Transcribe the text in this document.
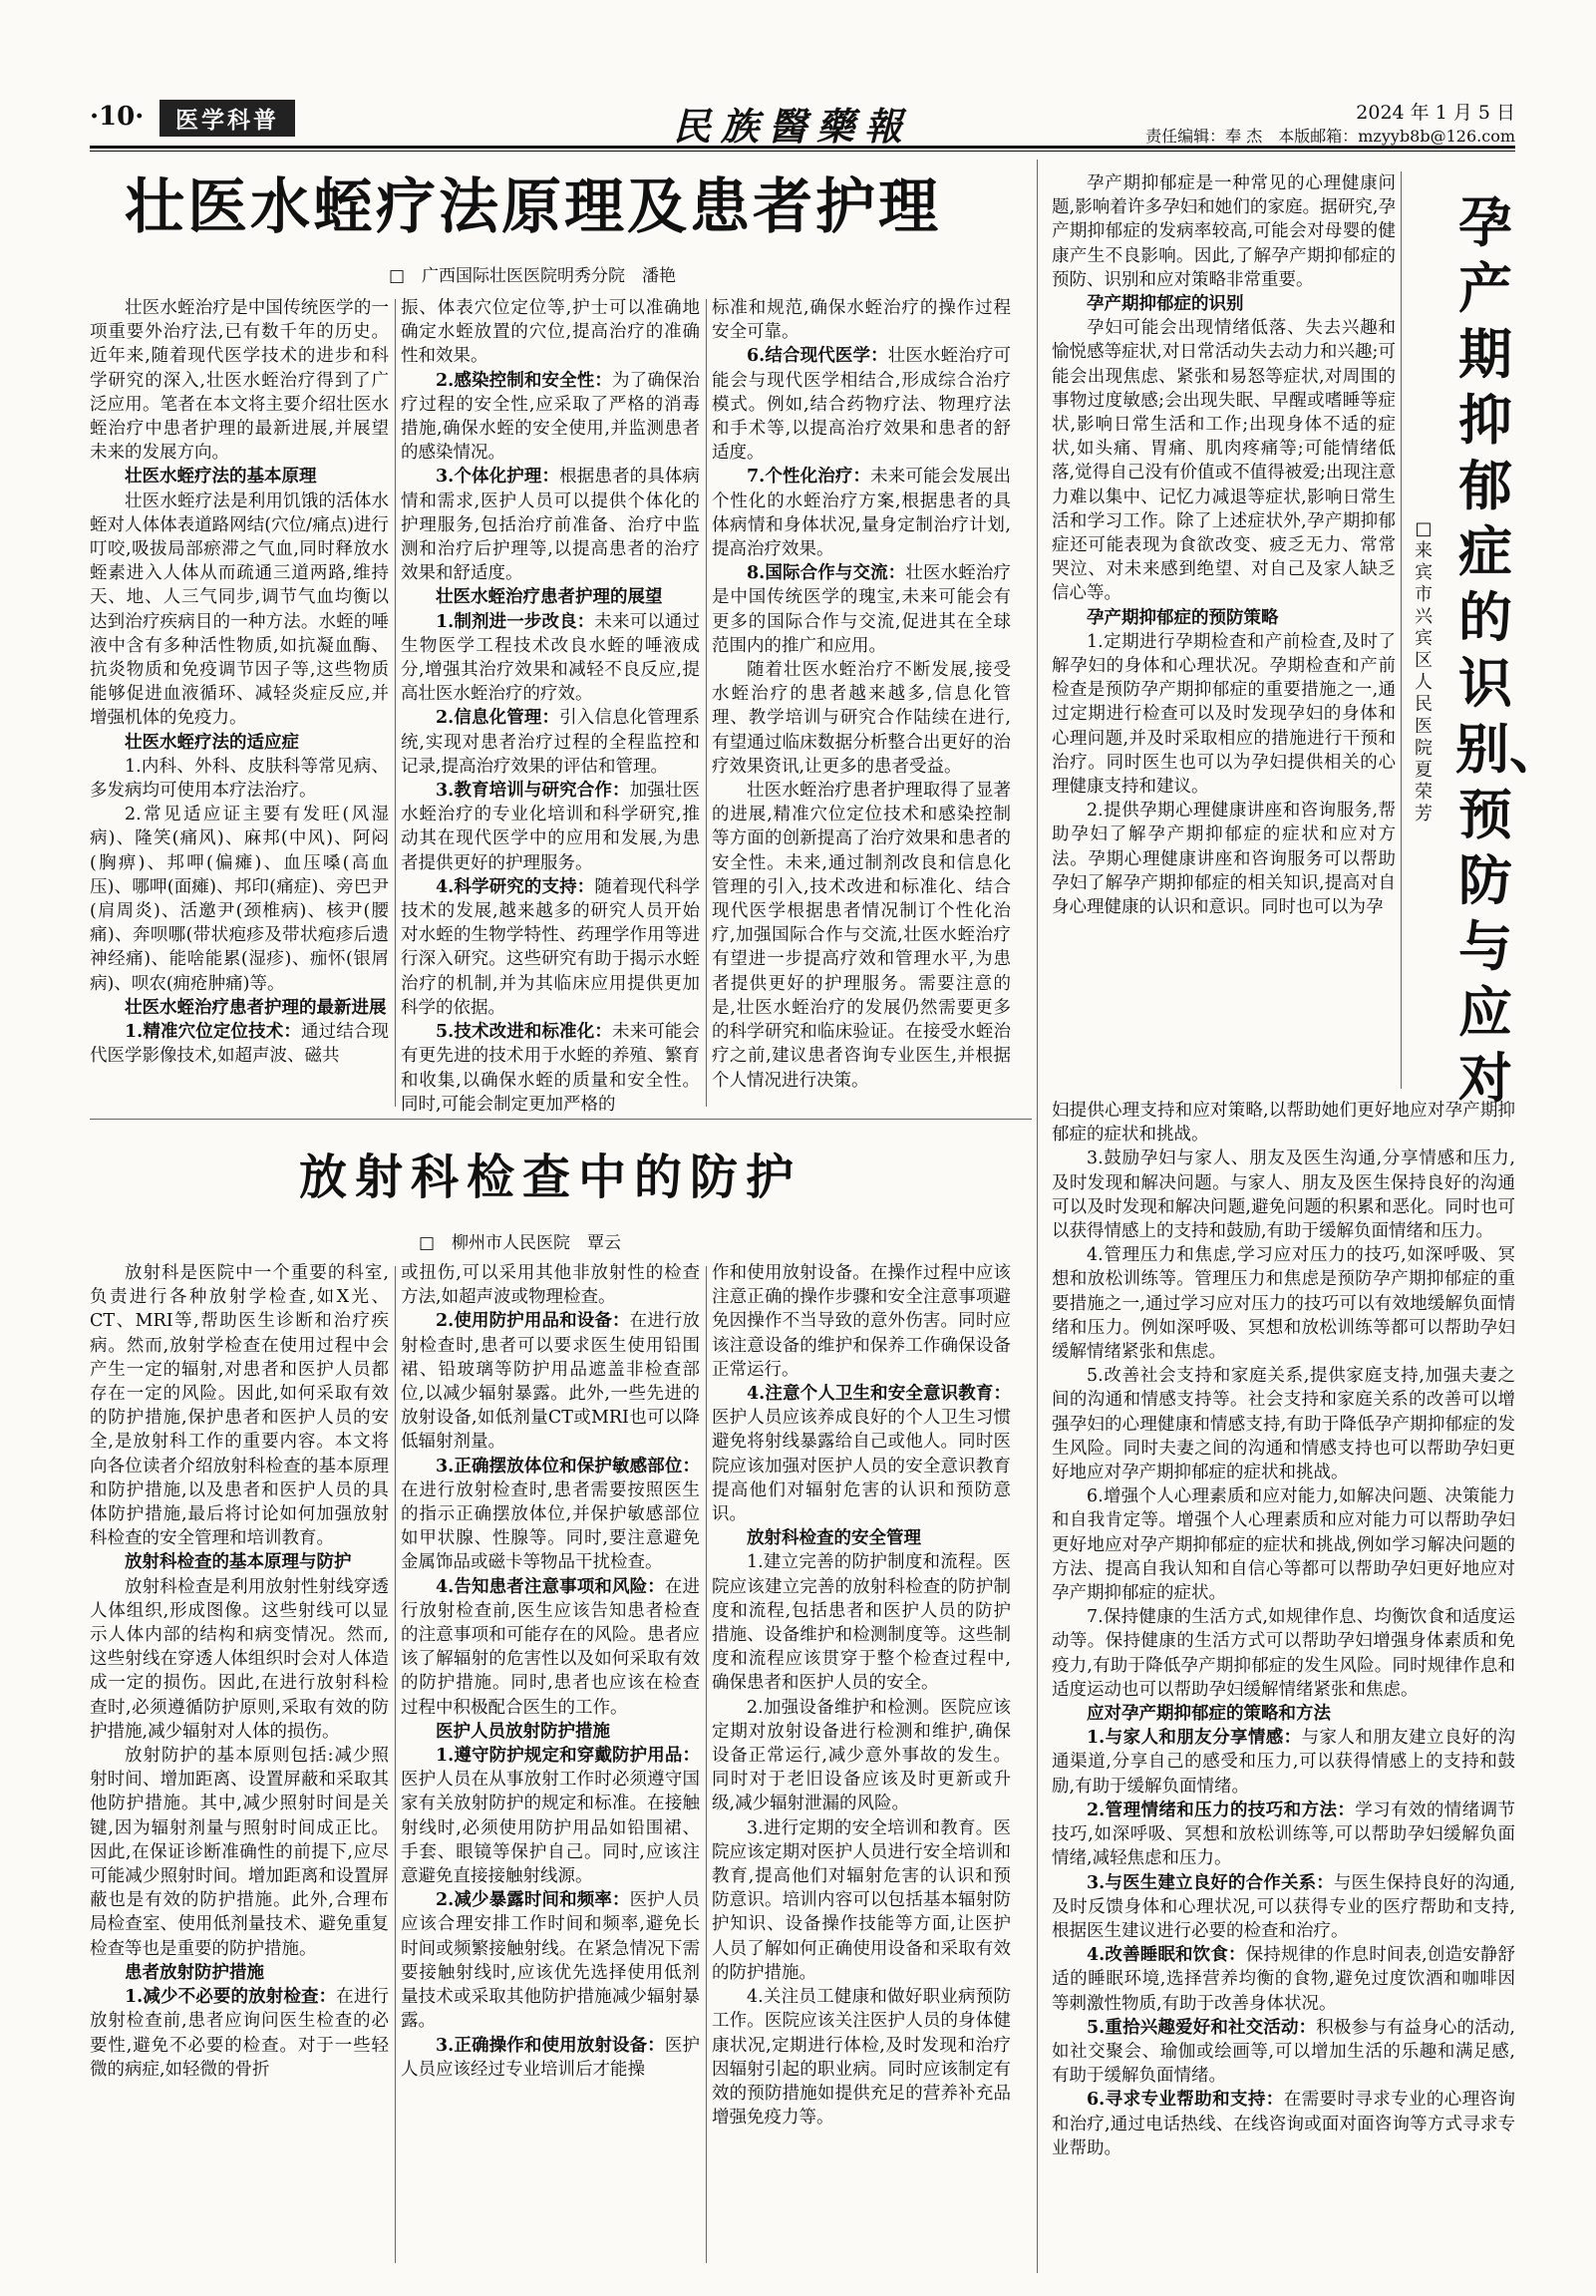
·10·	医学科普	民族醫藥報	2024 年 1 月 5 日
责任编辑：奉 杰　本版邮箱：mzyyb8b@126.com
壮医水蛭疗法原理及患者护理
□　广西国际壮医医院明秀分院　潘艳

壮医水蛭治疗是中国传统医学的一项重要外治疗法,已有数千年的历史。近年来,随着现代医学技术的进步和科学研究的深入,壮医水蛭治疗得到了广泛应用。笔者在本文将主要介绍壮医水蛭治疗中患者护理的最新进展,并展望未来的发展方向。

壮医水蛭疗法的基本原理

壮医水蛭疗法是利用饥饿的活体水蛭对人体体表道路网结(穴位/痛点)进行叮咬,吸拔局部瘀滞之气血,同时释放水蛭素进入人体从而疏通三道两路,维持天、地、人三气同步,调节气血均衡以达到治疗疾病目的一种方法。水蛭的唾液中含有多种活性物质,如抗凝血酶、抗炎物质和免疫调节因子等,这些物质能够促进血液循环、减轻炎症反应,并增强机体的免疫力。

壮医水蛭疗法的适应症

1.内科、外科、皮肤科等常见病、多发病均可使用本疗法治疗。

2.常见适应证主要有发旺(风湿病)、隆笑(痛风)、麻邦(中风)、阿闷(胸痹)、邦呷(偏瘫)、血压嗓(高血压)、哪呷(面瘫)、邦印(痛症)、旁巴尹(肩周炎)、活邀尹(颈椎病)、核尹(腰痛)、奔呗哪(带状疱疹及带状疱疹后遗神经痛)、能啥能累(湿疹)、痂怀(银屑病)、呗农(痈疮肿痛)等。

壮医水蛭治疗患者护理的最新进展

1.精准穴位定位技术：通过结合现代医学影像技术,如超声波、磁共

振、体表穴位定位等,护士可以准确地确定水蛭放置的穴位,提高治疗的准确性和效果。

2.感染控制和安全性：为了确保治疗过程的安全性,应采取了严格的消毒措施,确保水蛭的安全使用,并监测患者的感染情况。

3.个体化护理：根据患者的具体病情和需求,医护人员可以提供个体化的护理服务,包括治疗前准备、治疗中监测和治疗后护理等,以提高患者的治疗效果和舒适度。

壮医水蛭治疗患者护理的展望

1.制剂进一步改良：未来可以通过生物医学工程技术改良水蛭的唾液成分,增强其治疗效果和减轻不良反应,提高壮医水蛭治疗的疗效。

2.信息化管理：引入信息化管理系统,实现对患者治疗过程的全程监控和记录,提高治疗效果的评估和管理。

3.教育培训与研究合作：加强壮医水蛭治疗的专业化培训和科学研究,推动其在现代医学中的应用和发展,为患者提供更好的护理服务。

4.科学研究的支持：随着现代科学技术的发展,越来越多的研究人员开始对水蛭的生物学特性、药理学作用等进行深入研究。这些研究有助于揭示水蛭治疗的机制,并为其临床应用提供更加科学的依据。

5.技术改进和标准化：未来可能会有更先进的技术用于水蛭的养殖、繁育和收集,以确保水蛭的质量和安全性。同时,可能会制定更加严格的

标准和规范,确保水蛭治疗的操作过程安全可靠。

6.结合现代医学：壮医水蛭治疗可能会与现代医学相结合,形成综合治疗模式。例如,结合药物疗法、物理疗法和手术等,以提高治疗效果和患者的舒适度。

7.个性化治疗：未来可能会发展出个性化的水蛭治疗方案,根据患者的具体病情和身体状况,量身定制治疗计划,提高治疗效果。

8.国际合作与交流：壮医水蛭治疗是中国传统医学的瑰宝,未来可能会有更多的国际合作与交流,促进其在全球范围内的推广和应用。

随着壮医水蛭治疗不断发展,接受水蛭治疗的患者越来越多,信息化管理、教学培训与研究合作陆续在进行,有望通过临床数据分析整合出更好的治疗效果资讯,让更多的患者受益。

壮医水蛭治疗患者护理取得了显著的进展,精准穴位定位技术和感染控制等方面的创新提高了治疗效果和患者的安全性。未来,通过制剂改良和信息化管理的引入,技术改进和标准化、结合现代医学根据患者情况制订个性化治疗,加强国际合作与交流,壮医水蛭治疗有望进一步提高疗效和管理水平,为患者提供更好的护理服务。需要注意的是,壮医水蛭治疗的发展仍然需要更多的科学研究和临床验证。在接受水蛭治疗之前,建议患者咨询专业医生,并根据个人情况进行决策。

放射科检查中的防护
□　柳州市人民医院　覃云

放射科是医院中一个重要的科室,负责进行各种放射学检查,如X光、CT、MRI等,帮助医生诊断和治疗疾病。然而,放射学检查在使用过程中会产生一定的辐射,对患者和医护人员都存在一定的风险。因此,如何采取有效的防护措施,保护患者和医护人员的安全,是放射科工作的重要内容。本文将向各位读者介绍放射科检查的基本原理和防护措施,以及患者和医护人员的具体防护措施,最后将讨论如何加强放射科检查的安全管理和培训教育。

放射科检查的基本原理与防护

放射科检查是利用放射性射线穿透人体组织,形成图像。这些射线可以显示人体内部的结构和病变情况。然而,这些射线在穿透人体组织时会对人体造成一定的损伤。因此,在进行放射科检查时,必须遵循防护原则,采取有效的防护措施,减少辐射对人体的损伤。

放射防护的基本原则包括:减少照射时间、增加距离、设置屏蔽和采取其他防护措施。其中,减少照射时间是关键,因为辐射剂量与照射时间成正比。因此,在保证诊断准确性的前提下,应尽可能减少照射时间。增加距离和设置屏蔽也是有效的防护措施。此外,合理布局检查室、使用低剂量技术、避免重复检查等也是重要的防护措施。

患者放射防护措施

1.减少不必要的放射检查：在进行放射检查前,患者应询问医生检查的必要性,避免不必要的检查。对于一些轻微的病症,如轻微的骨折

或扭伤,可以采用其他非放射性的检查方法,如超声波或物理检查。

2.使用防护用品和设备：在进行放射检查时,患者可以要求医生使用铅围裙、铅玻璃等防护用品遮盖非检查部位,以减少辐射暴露。此外,一些先进的放射设备,如低剂量CT或MRI也可以降低辐射剂量。

3.正确摆放体位和保护敏感部位：在进行放射检查时,患者需要按照医生的指示正确摆放体位,并保护敏感部位如甲状腺、性腺等。同时,要注意避免金属饰品或磁卡等物品干扰检查。

4.告知患者注意事项和风险：在进行放射检查前,医生应该告知患者检查的注意事项和可能存在的风险。患者应该了解辐射的危害性以及如何采取有效的防护措施。同时,患者也应该在检查过程中积极配合医生的工作。

医护人员放射防护措施

1.遵守防护规定和穿戴防护用品：医护人员在从事放射工作时必须遵守国家有关放射防护的规定和标准。在接触射线时,必须使用防护用品如铅围裙、手套、眼镜等保护自己。同时,应该注意避免直接接触射线源。

2.减少暴露时间和频率：医护人员应该合理安排工作时间和频率,避免长时间或频繁接触射线。在紧急情况下需要接触射线时,应该优先选择使用低剂量技术或采取其他防护措施减少辐射暴露。

3.正确操作和使用放射设备：医护人员应该经过专业培训后才能操

作和使用放射设备。在操作过程中应该注意正确的操作步骤和安全注意事项避免因操作不当导致的意外伤害。同时应该注意设备的维护和保养工作确保设备正常运行。

4.注意个人卫生和安全意识教育：医护人员应该养成良好的个人卫生习惯避免将射线暴露给自己或他人。同时医院应该加强对医护人员的安全意识教育提高他们对辐射危害的认识和预防意识。

放射科检查的安全管理

1.建立完善的防护制度和流程。医院应该建立完善的放射科检查的防护制度和流程,包括患者和医护人员的防护措施、设备维护和检测制度等。这些制度和流程应该贯穿于整个检查过程中,确保患者和医护人员的安全。

2.加强设备维护和检测。医院应该定期对放射设备进行检测和维护,确保设备正常运行,减少意外事故的发生。同时对于老旧设备应该及时更新或升级,减少辐射泄漏的风险。

3.进行定期的安全培训和教育。医院应该定期对医护人员进行安全培训和教育,提高他们对辐射危害的认识和预防意识。培训内容可以包括基本辐射防护知识、设备操作技能等方面,让医护人员了解如何正确使用设备和采取有效的防护措施。

4.关注员工健康和做好职业病预防工作。医院应该关注医护人员的身体健康状况,定期进行体检,及时发现和治疗因辐射引起的职业病。同时应该制定有效的预防措施如提供充足的营养补充品增强免疫力等。

孕产期抑郁症是一种常见的心理健康问题,影响着许多孕妇和她们的家庭。据研究,孕产期抑郁症的发病率较高,可能会对母婴的健康产生不良影响。因此,了解孕产期抑郁症的预防、识别和应对策略非常重要。

孕产期抑郁症的识别

孕妇可能会出现情绪低落、失去兴趣和愉悦感等症状,对日常活动失去动力和兴趣;可能会出现焦虑、紧张和易怒等症状,对周围的事物过度敏感;会出现失眠、早醒或嗜睡等症状,影响日常生活和工作;出现身体不适的症状,如头痛、胃痛、肌肉疼痛等;可能情绪低落,觉得自己没有价值或不值得被爱;出现注意力难以集中、记忆力减退等症状,影响日常生活和学习工作。除了上述症状外,孕产期抑郁症还可能表现为食欲改变、疲乏无力、常常哭泣、对未来感到绝望、对自己及家人缺乏信心等。

孕产期抑郁症的预防策略

1.定期进行孕期检查和产前检查,及时了解孕妇的身体和心理状况。孕期检查和产前检查是预防孕产期抑郁症的重要措施之一,通过定期进行检查可以及时发现孕妇的身体和心理问题,并及时采取相应的措施进行干预和治疗。同时医生也可以为孕妇提供相关的心理健康支持和建议。

2.提供孕期心理健康讲座和咨询服务,帮助孕妇了解孕产期抑郁症的症状和应对方法。孕期心理健康讲座和咨询服务可以帮助孕妇了解孕产期抑郁症的相关知识,提高对自身心理健康的认识和意识。同时也可以为孕

孕产期抑郁症的识别、预防与应对
□ 来宾市兴宾区人民医院 夏荣芳

妇提供心理支持和应对策略,以帮助她们更好地应对孕产期抑郁症的症状和挑战。

3.鼓励孕妇与家人、朋友及医生沟通,分享情感和压力,及时发现和解决问题。与家人、朋友及医生保持良好的沟通可以及时发现和解决问题,避免问题的积累和恶化。同时也可以获得情感上的支持和鼓励,有助于缓解负面情绪和压力。

4.管理压力和焦虑,学习应对压力的技巧,如深呼吸、冥想和放松训练等。管理压力和焦虑是预防孕产期抑郁症的重要措施之一,通过学习应对压力的技巧可以有效地缓解负面情绪和压力。例如深呼吸、冥想和放松训练等都可以帮助孕妇缓解情绪紧张和焦虑。

5.改善社会支持和家庭关系,提供家庭支持,加强夫妻之间的沟通和情感支持等。社会支持和家庭关系的改善可以增强孕妇的心理健康和情感支持,有助于降低孕产期抑郁症的发生风险。同时夫妻之间的沟通和情感支持也可以帮助孕妇更好地应对孕产期抑郁症的症状和挑战。

6.增强个人心理素质和应对能力,如解决问题、决策能力和自我肯定等。增强个人心理素质和应对能力可以帮助孕妇更好地应对孕产期抑郁症的症状和挑战,例如学习解决问题的方法、提高自我认知和自信心等都可以帮助孕妇更好地应对孕产期抑郁症的症状。

7.保持健康的生活方式,如规律作息、均衡饮食和适度运动等。保持健康的生活方式可以帮助孕妇增强身体素质和免疫力,有助于降低孕产期抑郁症的发生风险。同时规律作息和适度运动也可以帮助孕妇缓解情绪紧张和焦虑。

应对孕产期抑郁症的策略和方法

1.与家人和朋友分享情感：与家人和朋友建立良好的沟通渠道,分享自己的感受和压力,可以获得情感上的支持和鼓励,有助于缓解负面情绪。

2.管理情绪和压力的技巧和方法：学习有效的情绪调节技巧,如深呼吸、冥想和放松训练等,可以帮助孕妇缓解负面情绪,减轻焦虑和压力。

3.与医生建立良好的合作关系：与医生保持良好的沟通,及时反馈身体和心理状况,可以获得专业的医疗帮助和支持,根据医生建议进行必要的检查和治疗。

4.改善睡眠和饮食：保持规律的作息时间表,创造安静舒适的睡眠环境,选择营养均衡的食物,避免过度饮酒和咖啡因等刺激性物质,有助于改善身体状况。

5.重拾兴趣爱好和社交活动：积极参与有益身心的活动,如社交聚会、瑜伽或绘画等,可以增加生活的乐趣和满足感,有助于缓解负面情绪。

6.寻求专业帮助和支持：在需要时寻求专业的心理咨询和治疗,通过电话热线、在线咨询或面对面咨询等方式寻求专业帮助。
